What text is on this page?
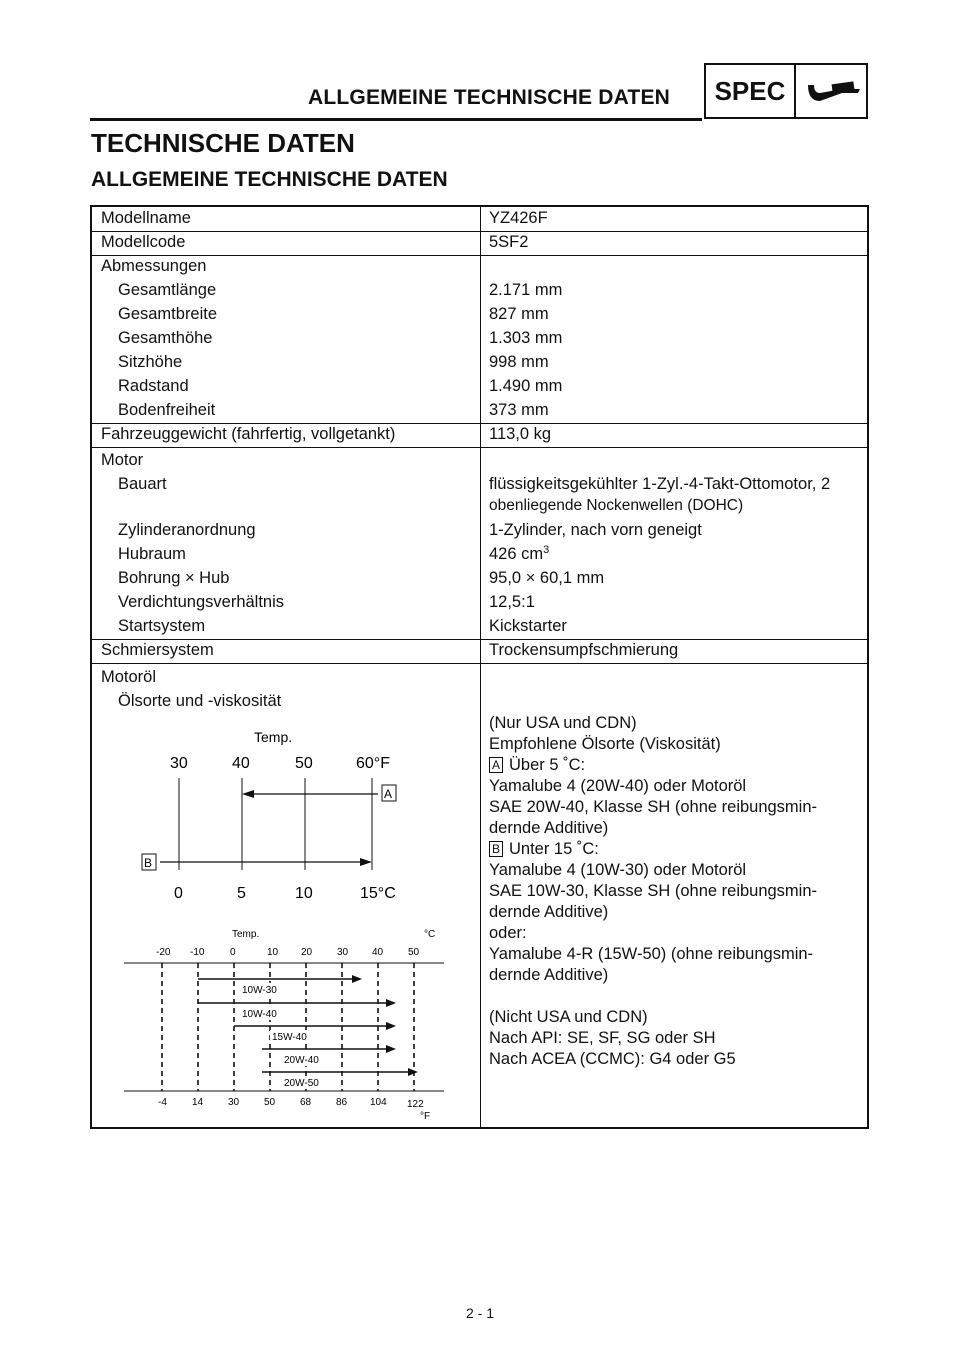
ALLGEMEINE TECHNISCHE DATEN	SPEC
TECHNISCHE DATEN
ALLGEMEINE TECHNISCHE DATEN
Modellname	YZ426F
Modellcode	5SF2
Abmessungen
Gesamtlänge	2.171 mm
Gesamtbreite	827 mm
Gesamthöhe	1.303 mm
Sitzhöhe	998 mm
Radstand	1.490 mm
Bodenfreiheit	373 mm
Fahrzeuggewicht (fahrfertig, vollgetankt)	113,0 kg
Motor
Bauart	flüssigkeitsgekühlter 1-Zyl.-4-Takt-Ottomotor, 2
obenliegende Nockenwellen (DOHC)
Zylinderanordnung	1-Zylinder, nach vorn geneigt
Hubraum	426 $cm^3$
Bohrung × Hub	95,0 × 60,1 mm
Verdichtungsverhältnis	12,5:1
Startsystem	Kickstarter
Schmiersystem	Trockensumpfschmierung
Motoröl
Ölsorte und -viskosität
(Nur USA und CDN)
Empfohlene Ölsorte (Viskosität)
A Über 5 ˚C:
Yamalube 4 (20W-40) oder Motoröl
SAE 20W-40, Klasse SH (ohne reibungsmin-
dernde Additive)
B Unter 15 ˚C:
Yamalube 4 (10W-30) oder Motoröl
SAE 10W-30, Klasse SH (ohne reibungsmin-
dernde Additive)
oder:
Yamalube 4-R (15W-50) (ohne reibungsmin-
dernde Additive)
(Nicht USA und CDN)
Nach API: SE, SF, SG oder SH
Nach ACEA (CCMC): G4 oder G5
Temp.
30	40	50	60°F
A
B
0	5	10	15°C
Temp.	°C
-20 -10	0	10 20 30 40 50
10W-30
10W-40
15W-40
20W-40
20W-50
-4	14 30 50 68 86 104 122
°F
2 - 1
